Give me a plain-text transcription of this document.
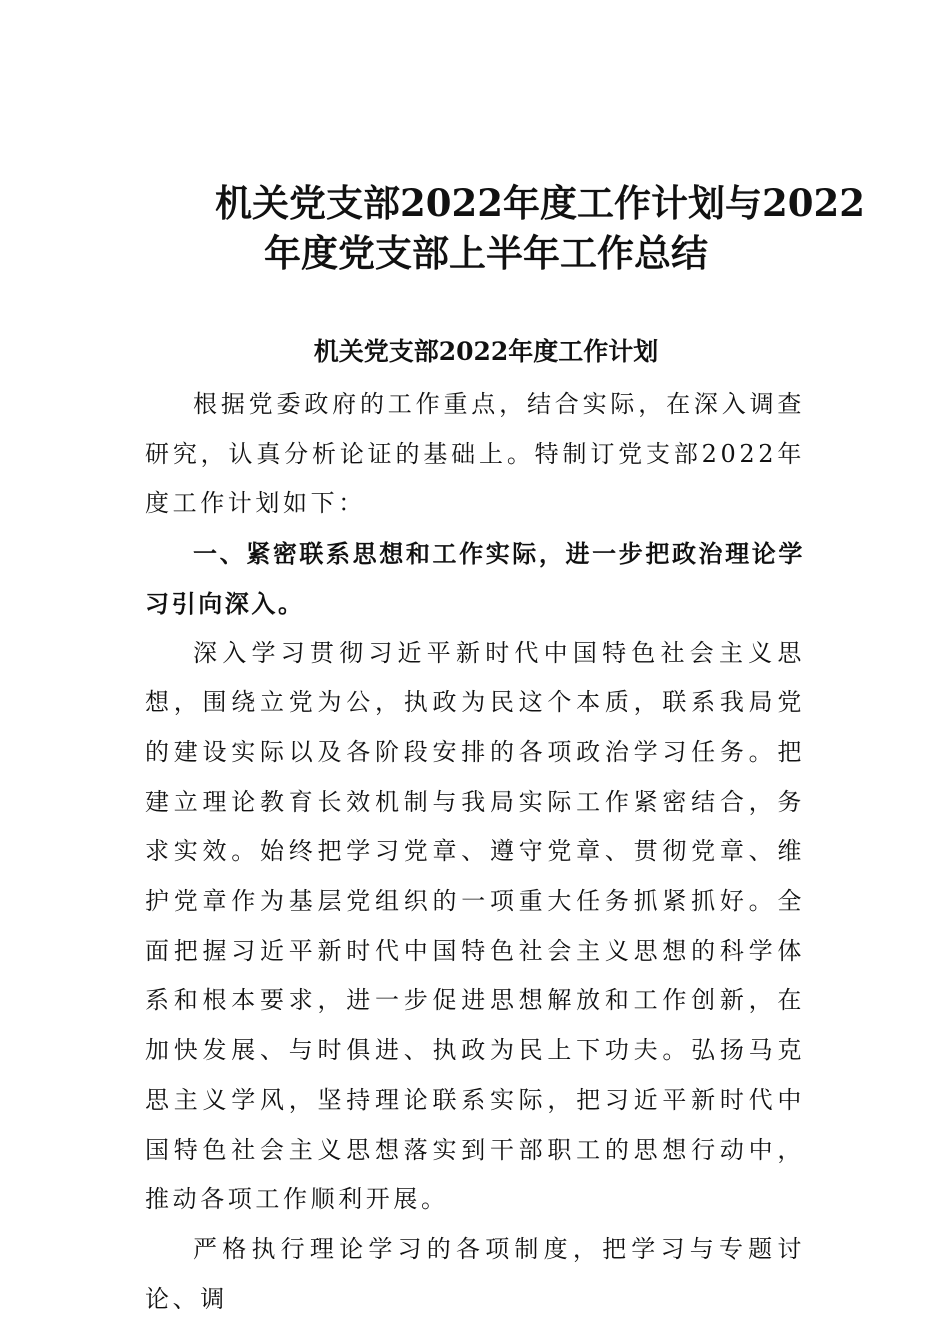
机关党支部2022年度工作计划与2022
年度党支部上半年工作总结
机关党支部2022年度工作计划

根据党委政府的工作重点，结合实际，在深入调查研究，认真分析论证的基础上。特制订党支部2022年度工作计划如下：

一、紧密联系思想和工作实际，进一步把政治理论学习引向深入。

深入学习贯彻习近平新时代中国特色社会主义思想，围绕立党为公，执政为民这个本质，联系我局党的建设实际以及各阶段安排的各项政治学习任务。把建立理论教育长效机制与我局实际工作紧密结合，务求实效。始终把学习党章、遵守党章、贯彻党章、维护党章作为基层党组织的一项重大任务抓紧抓好。全面把握习近平新时代中国特色社会主义思想的科学体系和根本要求，进一步促进思想解放和工作创新，在加快发展、与时俱进、执政为民上下功夫。弘扬马克思主义学风，坚持理论联系实际，把习近平新时代中国特色社会主义思想落实到干部职工的思想行动中，推动各项工作顺利开展。

严格执行理论学习的各项制度，把学习与专题讨论、调
